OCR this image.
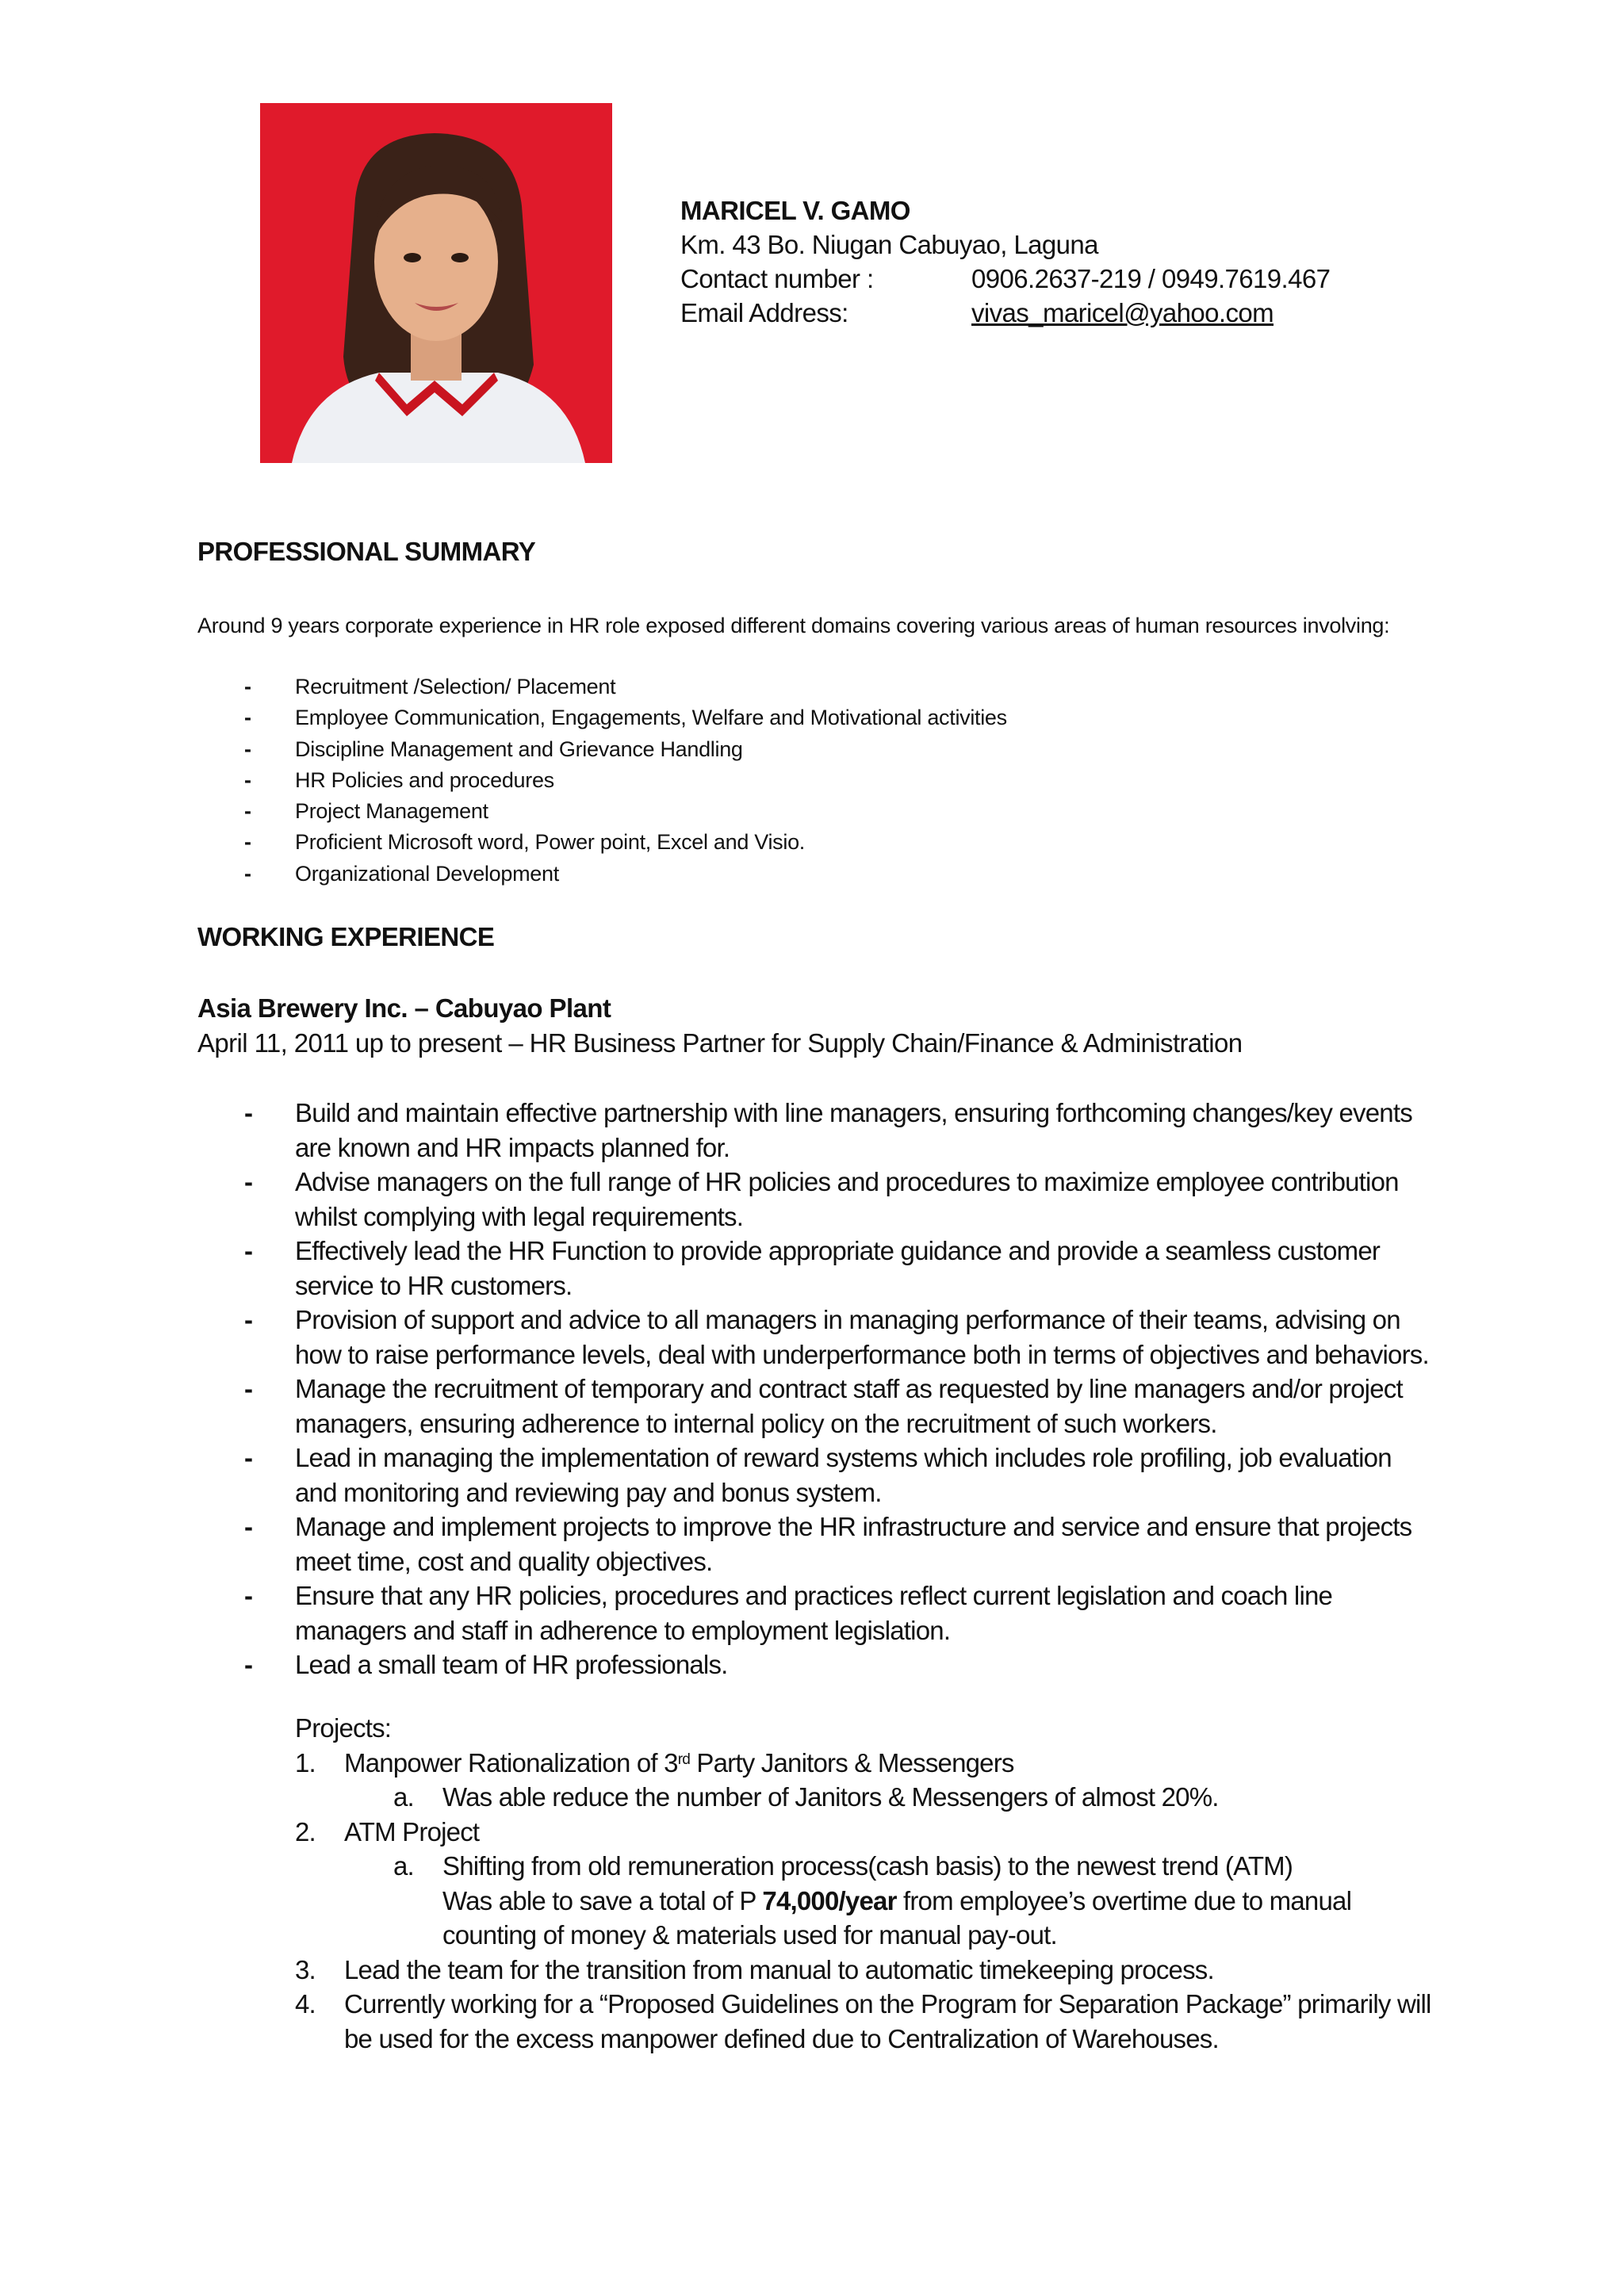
MARICEL V. GAMO
Km. 43 Bo. Niugan Cabuyao, Laguna
Contact number :	0906.2637-219 / 0949.7619.467
Email Address:	vivas_maricel@yahoo.com
PROFESSIONAL SUMMARY
Around 9 years corporate experience in HR role exposed different domains covering various areas of human resources involving:
-	Recruitment /Selection/ Placement
-	Employee Communication, Engagements, Welfare and Motivational activities
-	Discipline Management and Grievance Handling
-	HR Policies and procedures
-	Project Management
-	Proficient Microsoft word, Power point, Excel and Visio.
-	Organizational Development
WORKING EXPERIENCE
Asia Brewery Inc. – Cabuyao Plant
April 11, 2011 up to present – HR Business Partner for Supply Chain/Finance & Administration
-	Build and maintain effective partnership with line managers, ensuring forthcoming changes/key events are known and HR impacts planned for.
-	Advise managers on the full range of HR policies and procedures to maximize employee contribution whilst complying with legal requirements.
-	Effectively lead the HR Function to provide appropriate guidance and provide a seamless customer service to HR customers.
-	Provision of support and advice to all managers in managing performance of their teams, advising on how to raise performance levels, deal with underperformance both in terms of objectives and behaviors.
-	Manage the recruitment of temporary and contract staff as requested by line managers and/or project managers, ensuring adherence to internal policy on the recruitment of such workers.
-	Lead in managing the implementation of reward systems which includes role profiling, job evaluation and monitoring and reviewing pay and bonus system.
-	Manage and implement projects to improve the HR infrastructure and service and ensure that projects meet time, cost and quality objectives.
-	Ensure that any HR policies, procedures and practices reflect current legislation and coach line managers and staff in adherence to employment legislation.
-	Lead a small team of HR professionals.
Projects:
1.	Manpower Rationalization of 3rd Party Janitors & Messengers
a.	Was able reduce the number of Janitors & Messengers of almost 20%.
2.	ATM Project
a.	Shifting from old remuneration process(cash basis) to the newest trend (ATM)
Was able to save a total of P 74,000/year from employee’s overtime due to manual counting of money & materials used for manual pay-out.
3.	Lead the team for the transition from manual to automatic timekeeping process.
4.	Currently working for a “Proposed Guidelines on the Program for Separation Package” primarily will be used for the excess manpower defined due to Centralization of Warehouses.
